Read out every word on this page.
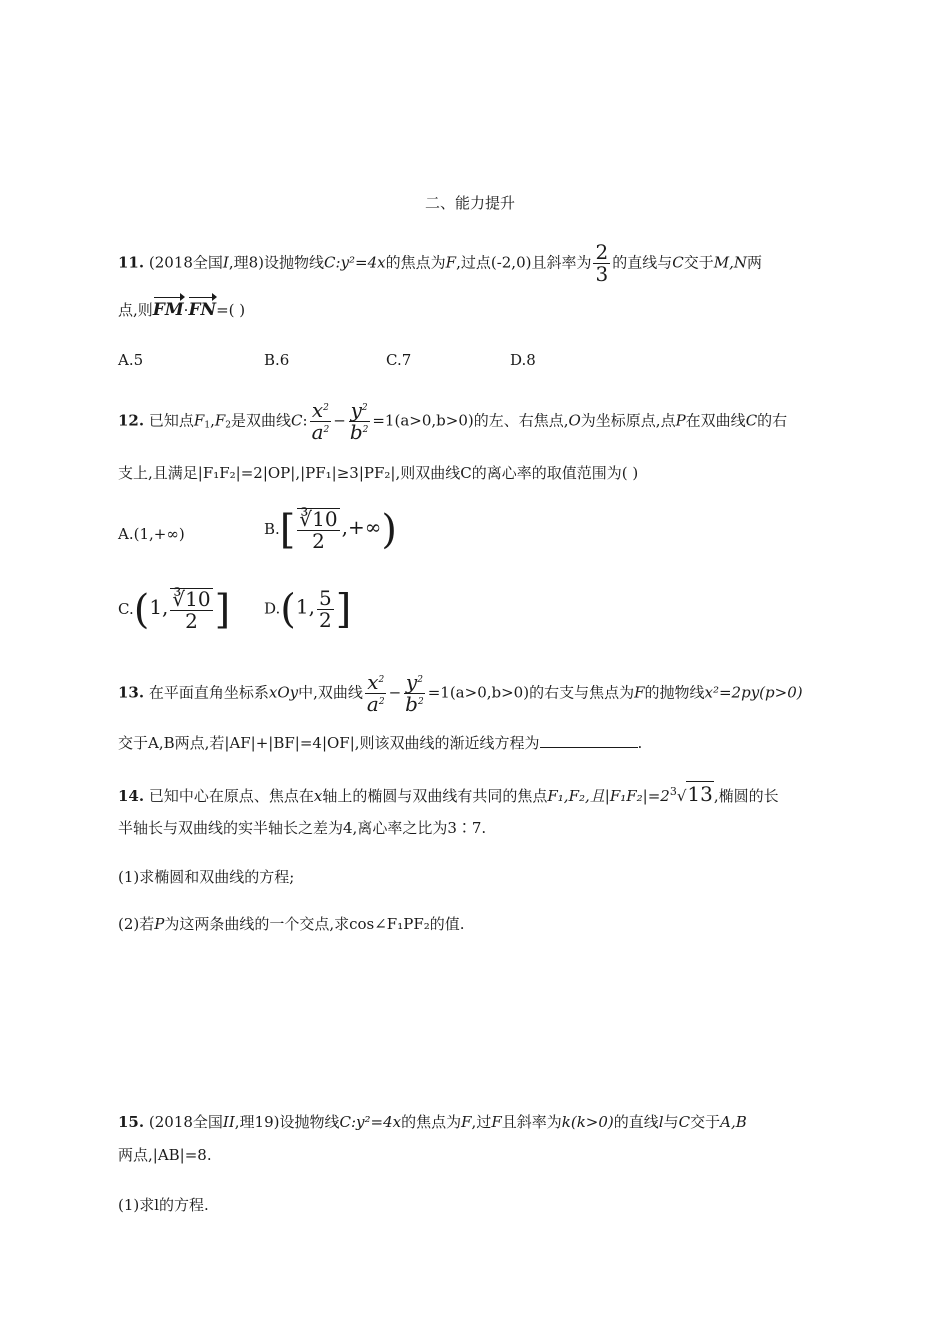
二、能力提升
11. (2018全国I,理8)设抛物线C:y²=4x的焦点为F,过点(-2,0)且斜率为 $\frac{2}{3}$ 的直线与C交于M,N两
点,则FM·FN=( )
A.5	B.6	C.7	D.8
12. 已知点$F_1,F_2$是双曲线C: $\frac{x^2}{a^2} - \frac{y^2}{b^2} =1(a>0,b>0)$的左、右焦点,O为坐标原点,点P在双曲线C的右
支上,且满足|F₁F₂|=2|OP|,|PF₁|≥3|PF₂|,则双曲线C的离心率的取值范围为( )
A.(1,+∞)	$B.[ \frac{∛10}{2}$ ,+∞)
C.(1, $\frac{∛10}{2}$ ] D.(1, $\frac{5}{2}$ ]
13. 在平面直角坐标系xOy中,双曲线 $\frac{x^2}{a^2} - \frac{y^2}{b^2} =1(a>0,b>0)$的右支与焦点为F的抛物线x²=2py(p>0)
交于A,B两点,若|AF|+|BF|=4|OF|,则该双曲线的渐近线方程为	.
14. 已知中心在原点、焦点在x轴上的椭圆与双曲线有共同的焦点F₁,F₂,且$|F_1F_2|=2^3√13$,椭圆的长
半轴长与双曲线的实半轴长之差为4,离心率之比为3∶7.
(1)求椭圆和双曲线的方程;
(2)若P为这两条曲线的一个交点,求cos∠F₁PF₂的值.
15. (2018全国II,理19)设抛物线C:y²=4x的焦点为F,过F且斜率为k(k>0)的直线l与C交于A,B
两点,|AB|=8.
(1)求l的方程.
